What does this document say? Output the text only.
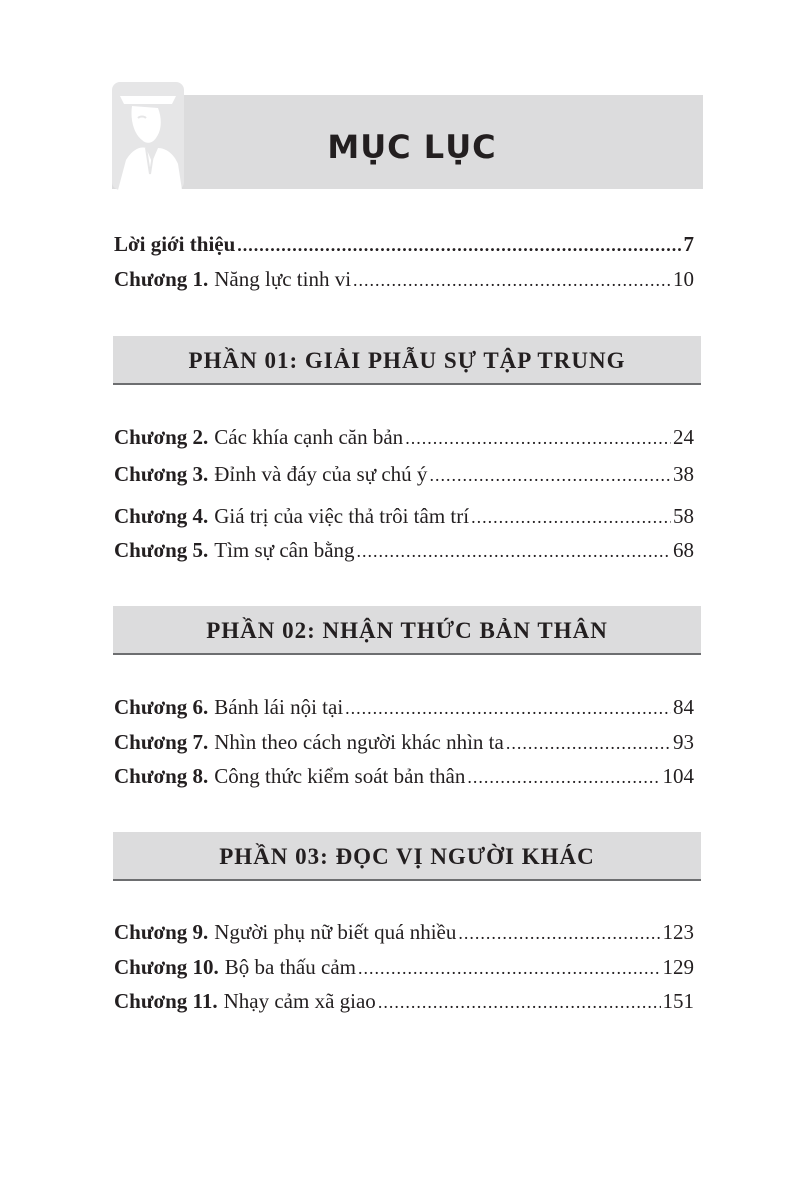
MỤC LỤC
Lời giới thiệu .....	7
Chương 1. Năng lực tinh vi .....	10
PHẦN 01: GIẢI PHẪU SỰ TẬP TRUNG
Chương 2. Các khía cạnh căn bản .....	24
Chương 3. Đỉnh và đáy của sự chú ý .....	38
Chương 4. Giá trị của việc thả trôi tâm trí .....	58
Chương 5. Tìm sự cân bằng .....	68
PHẦN 02: NHẬN THỨC BẢN THÂN
Chương 6. Bánh lái nội tại .....	84
Chương 7. Nhìn theo cách người khác nhìn ta .....	93
Chương 8. Công thức kiểm soát bản thân .....	104
PHẦN 03: ĐỌC VỊ NGƯỜI KHÁC
Chương 9. Người phụ nữ biết quá nhiều .....	123
Chương 10. Bộ ba thấu cảm .....	129
Chương 11. Nhạy cảm xã giao .....	151
